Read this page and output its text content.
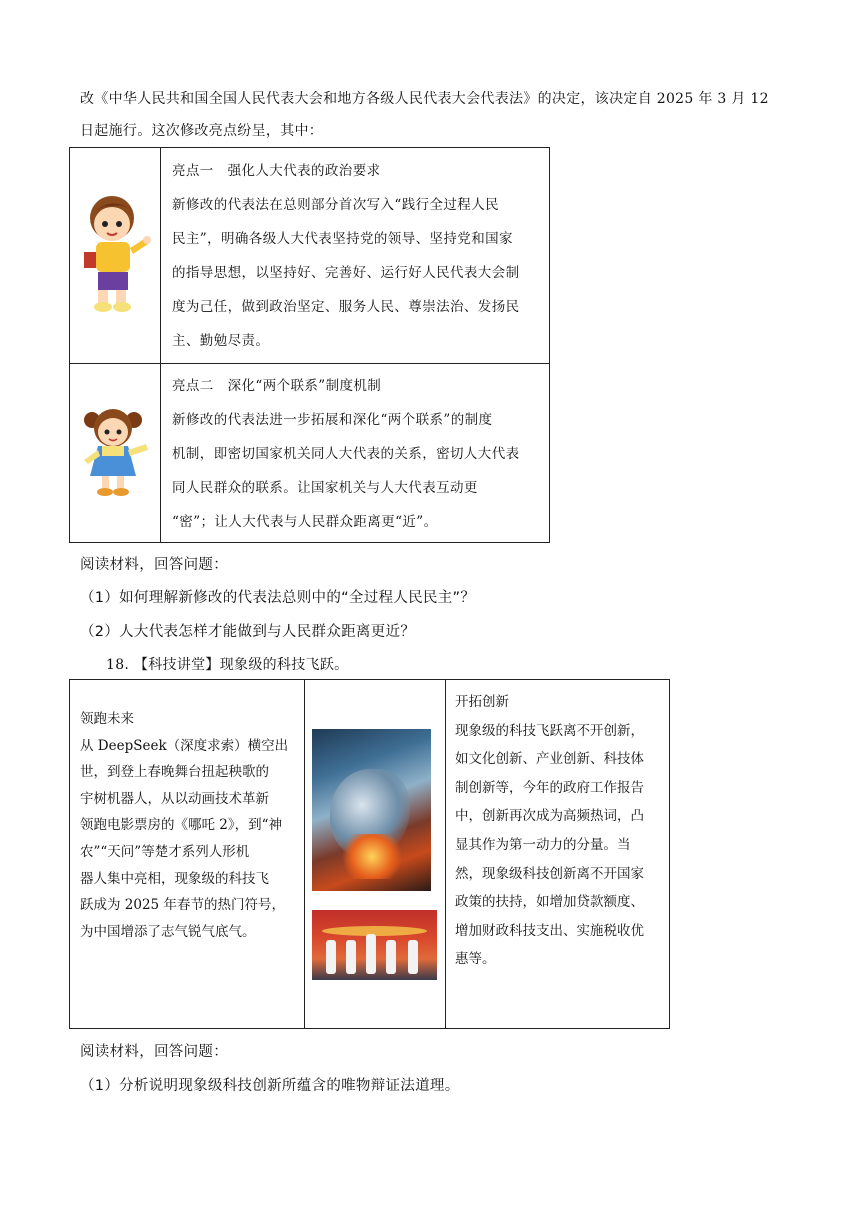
改《中华人民共和国全国人民代表大会和地方各级人民代表大会代表法》的决定，该决定自 2025 年 3 月 12
日起施行。这次修改亮点纷呈，其中：

亮点一　强化人大代表的政治要求

新修改的代表法在总则部分首次写入“践行全过程人民

民主”，明确各级人大代表坚持党的领导、坚持党和国家

的指导思想，以坚持好、完善好、运行好人民代表大会制

度为己任，做到政治坚定、服务人民、尊崇法治、发扬民

主、勤勉尽责。

亮点二　深化“两个联系”制度机制

新修改的代表法进一步拓展和深化“两个联系”的制度

机制，即密切国家机关同人大代表的关系，密切人大代表

同人民群众的联系。让国家机关与人大代表互动更

“密”；让人大代表与人民群众距离更“近”。

阅读材料，回答问题：
（1）如何理解新修改的代表法总则中的“全过程人民民主”？
（2）人大代表怎样才能做到与人民群众距离更近？
18. 【科技讲堂】现象级的科技飞跃。

领跑未来

从 DeepSeek（深度求索）横空出

世，到登上春晚舞台扭起秧歌的

宇树机器人，从以动画技术革新

领跑电影票房的《哪吒 2》，到“神

农”“天问”等楚才系列人形机

器人集中亮相，现象级的科技飞

跃成为 2025 年春节的热门符号，

为中国增添了志气锐气底气。

开拓创新

现象级的科技飞跃离不开创新，

如文化创新、产业创新、科技体

制创新等，今年的政府工作报告

中，创新再次成为高频热词，凸

显其作为第一动力的分量。当

然，现象级科技创新离不开国家

政策的扶持，如增加贷款额度、

增加财政科技支出、实施税收优

惠等。

阅读材料，回答问题：
（1）分析说明现象级科技创新所蕴含的唯物辩证法道理。
